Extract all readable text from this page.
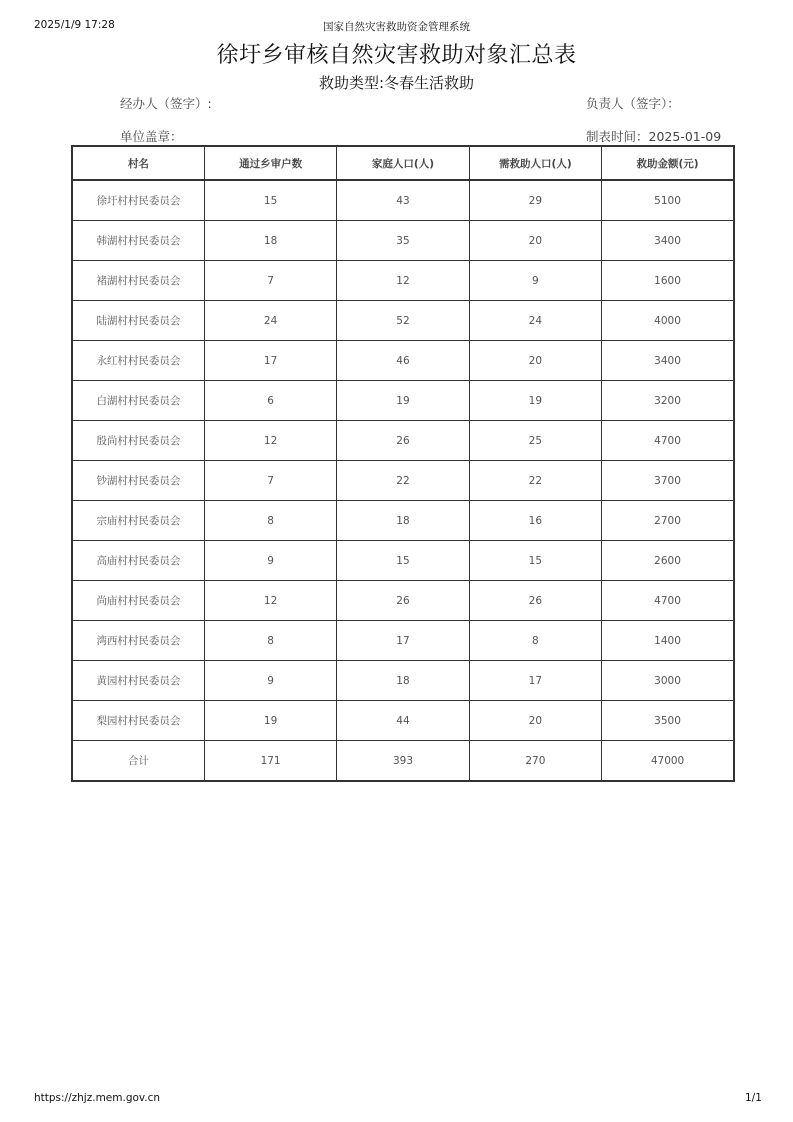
2025/1/9 17:28	国家自然灾害救助资金管理系统
徐圩乡审核自然灾害救助对象汇总表
救助类型:冬春生活救助
经办人（签字）:	负责人（签字）：
单位盖章：	制表时间：2025-01-09
村名	通过乡审户数	家庭人口(人)	需救助人口(人)	救助金额(元)
徐圩村村民委员会	15	43	29	5100
韩湖村村民委员会	18	35	20	3400
褚湖村村民委员会	7	12	9	1600
陆湖村村民委员会	24	52	24	4000
永红村村民委员会	17	46	20	3400
白湖村村民委员会	6	19	19	3200
殷尚村村民委员会	12	26	25	4700
钞湖村村民委员会	7	22	22	3700
宗庙村村民委员会	8	18	16	2700
高庙村村民委员会	9	15	15	2600
尚庙村村民委员会	12	26	26	4700
湾西村村民委员会	8	17	8	1400
黄园村村民委员会	9	18	17	3000
梨园村村民委员会	19	44	20	3500
合计	171	393	270	47000
https://zhjz.mem.gov.cn	1/1
